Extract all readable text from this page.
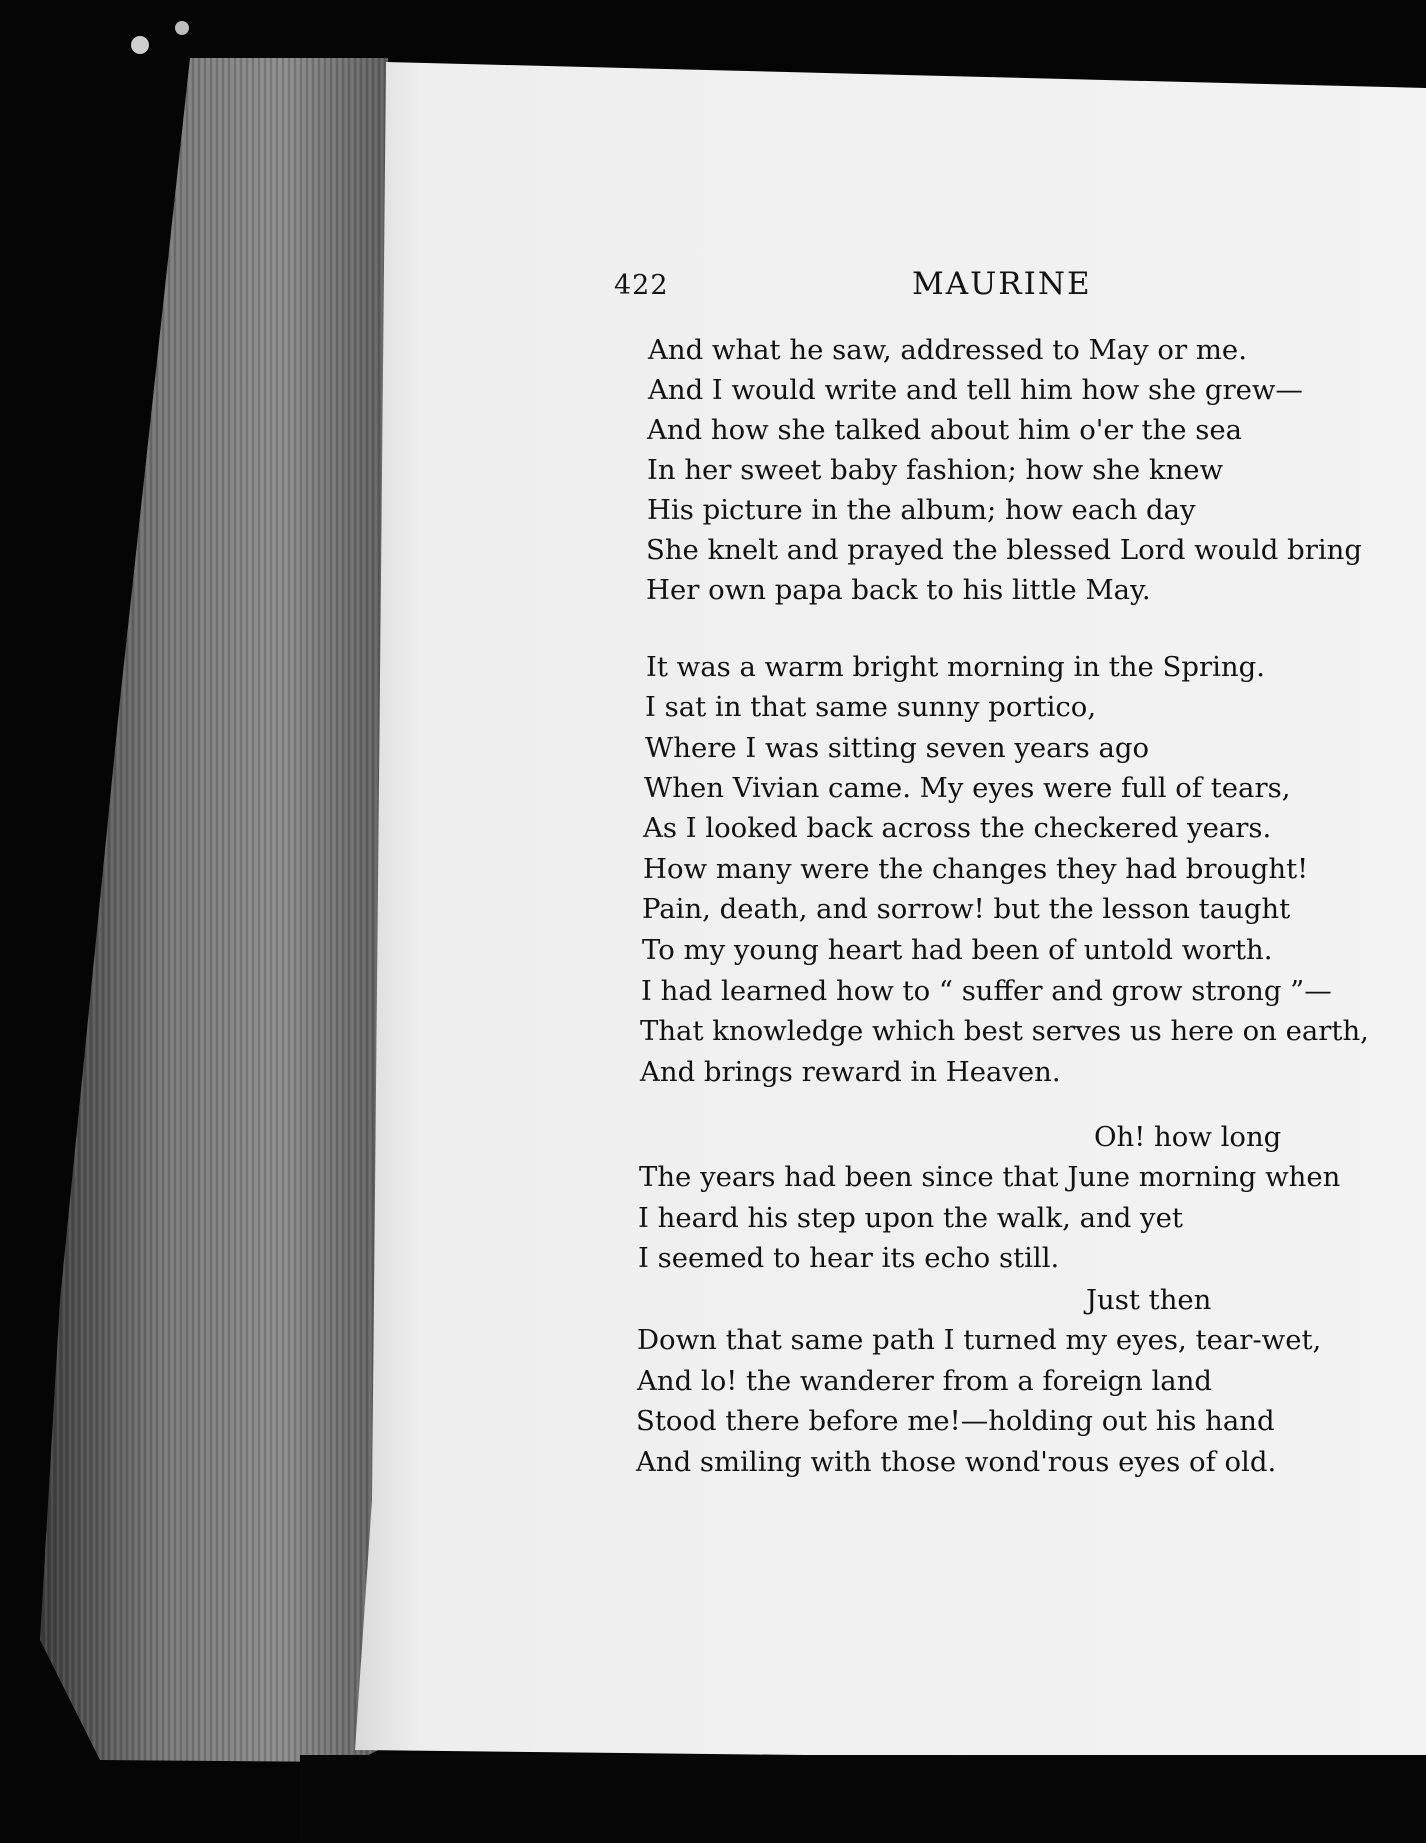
422	MAURINE

And what he saw, addressed to May or me.

And I would write and tell him how she grew—

And how she talked about him o'er the sea

In her sweet baby fashion; how she knew

His picture in the album; how each day

She knelt and prayed the blessed Lord would bring

Her own papa back to his little May.

It was a warm bright morning in the Spring.

I sat in that same sunny portico,

Where I was sitting seven years ago

When Vivian came. My eyes were full of tears,

As I looked back across the checkered years.

How many were the changes they had brought!

Pain, death, and sorrow! but the lesson taught

To my young heart had been of untold worth.

I had learned how to “ suffer and grow strong ”—

That knowledge which best serves us here on earth,

And brings reward in Heaven.

Oh! how long

The years had been since that June morning when

I heard his step upon the walk, and yet

I seemed to hear its echo still.

Just then

Down that same path I turned my eyes, tear-wet,

And lo! the wanderer from a foreign land

Stood there before me!—holding out his hand

And smiling with those wond'rous eyes of old.
